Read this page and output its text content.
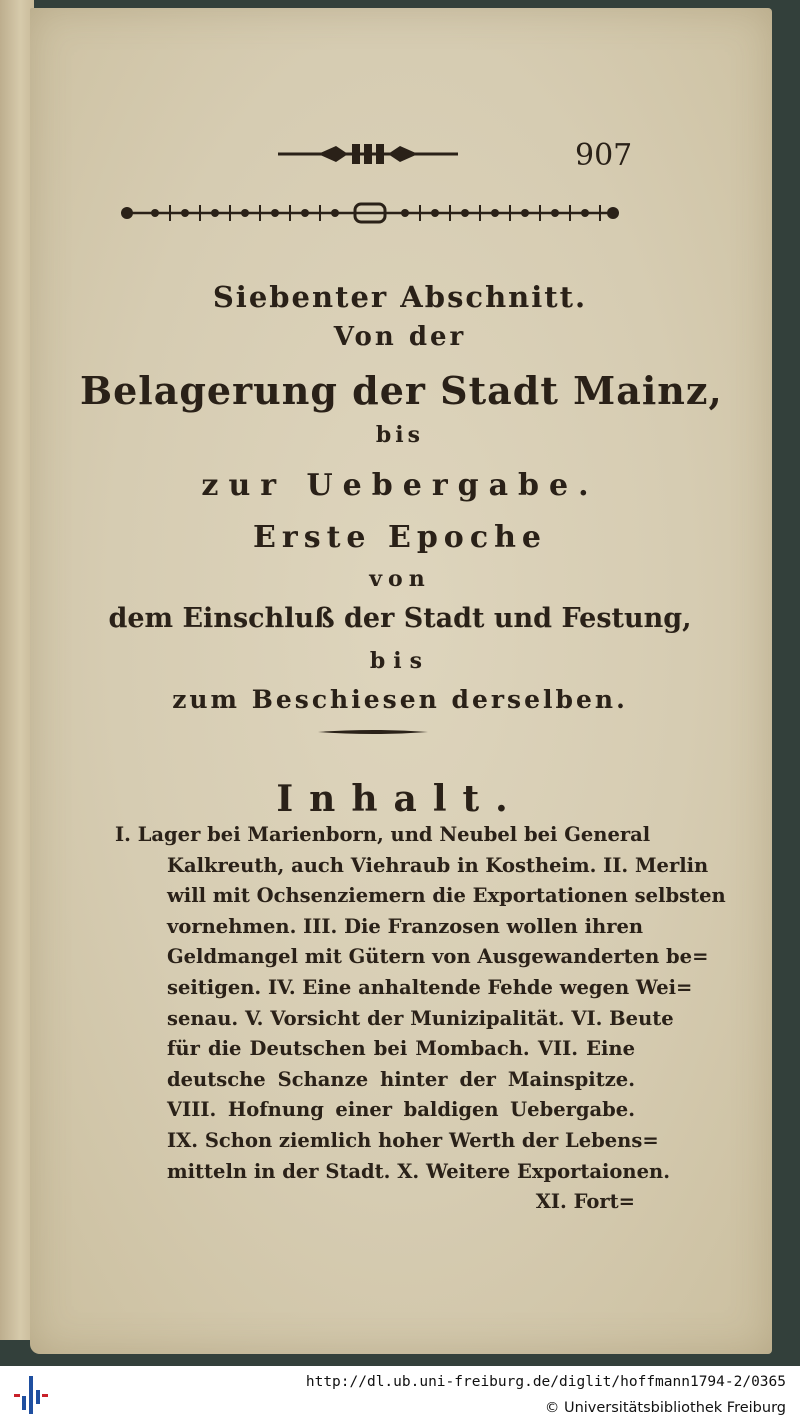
907
Siebenter Abschnitt.
Von der
Belagerung der Stadt Mainz,
bis
zur Uebergabe.
Erste Epoche
von
dem Einschluß der Stadt und Festung,
bis
zum Beschiesen derselben.
Inhalt.
I. Lager bei Marienborn, und Neubel bei General
Kalkreuth, auch Viehraub in Kostheim. II. Merlin
will mit Ochsenziemern die Exportationen selbsten
vornehmen. III. Die Franzosen wollen ihren
Geldmangel mit Gütern von Ausgewanderten be=
seitigen. IV. Eine anhaltende Fehde wegen Wei=
senau. V. Vorsicht der Munizipalität. VI. Beute
für die Deutschen bei Mombach. VII. Eine
deutsche Schanze hinter der Mainspitze.
VIII. Hofnung einer baldigen Uebergabe.
IX. Schon ziemlich hoher Werth der Lebens=
mitteln in der Stadt. X. Weitere Exportaionen.
XI. Fort=
http://dl.ub.uni-freiburg.de/diglit/hoffmann1794-2/0365
© Universitätsbibliothek Freiburg
